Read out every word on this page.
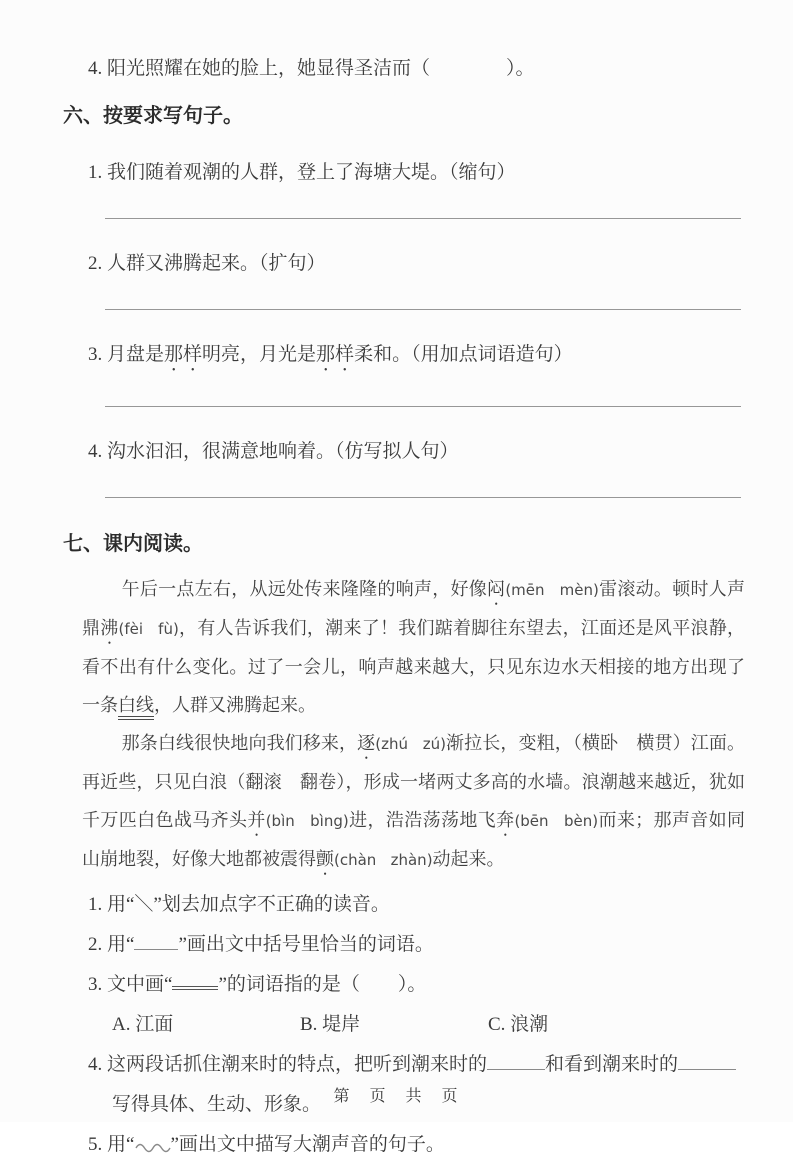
4. 阳光照耀在她的脸上，她显得圣洁而（　　　　）。
六、按要求写句子。
1. 我们随着观潮的人群，登上了海塘大堤。（缩句）
2. 人群又沸腾起来。（扩句）
3. 月盘是那样明亮，月光是那样柔和。（用加点词语造句）
4. 沟水汩汩，很满意地响着。（仿写拟人句）
七、课内阅读。

午后一点左右，从远处传来隆隆的响声，好像闷(mēn   mèn)雷滚动。顿时人声鼎沸(fèi   fù)，有人告诉我们，潮来了！我们踮着脚往东望去，江面还是风平浪静，看不出有什么变化。过了一会儿，响声越来越大，只见东边水天相接的地方出现了一条白线，人群又沸腾起来。

那条白线很快地向我们移来，逐(zhú   zú)渐拉长，变粗，（横卧　横贯）江面。再近些，只见白浪（翻滚　翻卷），形成一堵两丈多高的水墙。浪潮越来越近，犹如千万匹白色战马齐头并(bìn   bìng)进，浩浩荡荡地飞奔(bēn   bèn)而来；那声音如同山崩地裂，好像大地都被震得颤(chàn   zhàn)动起来。

1. 用“＼”划去加点字不正确的读音。
2. 用“ ”画出文中括号里恰当的词语。
3. 文中画“ ”的词语指的是（　　）。
A. 江面	B. 堤岸	C. 浪潮
4. 这两段话抓住潮来时的特点，把听到潮来时的	和看到潮来时的写得具体、生动、形象。
5. 用“ ”画出文中描写大潮声音的句子。
第　页　共　页
